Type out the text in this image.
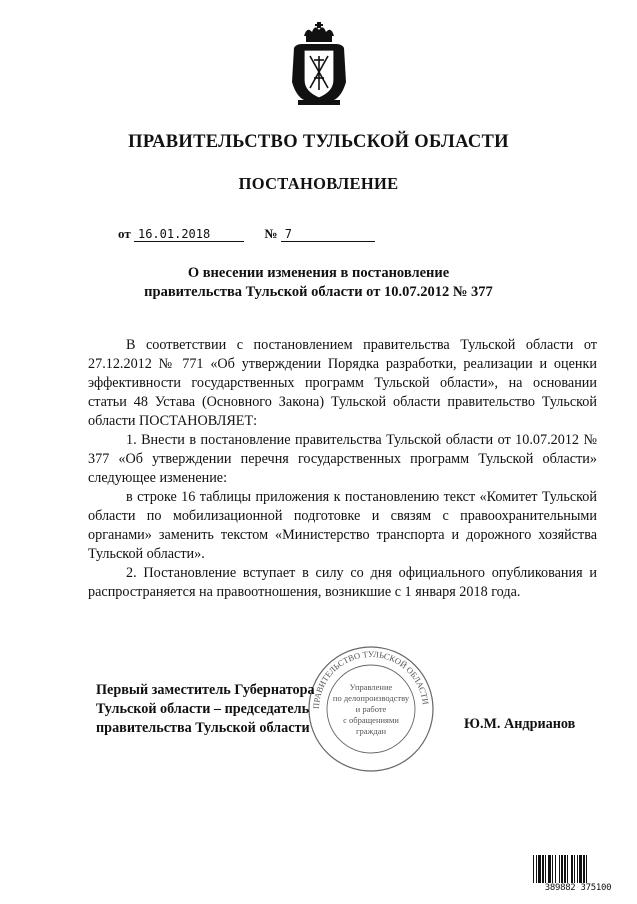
ПРАВИТЕЛЬСТВО ТУЛЬСКОЙ ОБЛАСТИ
ПОСТАНОВЛЕНИЕ
от 16.01.2018	№ 7
О внесении изменения в постановление
правительства Тульской области от 10.07.2012 № 377

В соответствии с постановлением правительства Тульской области от 27.12.2012 № 771 «Об утверждении Порядка разработки, реализации и оценки эффективности государственных программ Тульской области», на основании статьи 48 Устава (Основного Закона) Тульской области правительство Тульской области ПОСТАНОВЛЯЕТ:

1. Внести в постановление правительства Тульской области от 10.07.2012 № 377 «Об утверждении перечня государственных программ Тульской области» следующее изменение:

в строке 16 таблицы приложения к постановлению текст «Комитет Тульской области по мобилизационной подготовке и связям с правоохранительными органами» заменить текстом «Министерство транспорта и дорожного хозяйства Тульской области».

2. Постановление вступает в силу со дня официального опубликования и распространяется на правоотношения, возникшие с 1 января 2018 года.

ПРАВИТЕЛЬСТВО ТУЛЬСКОЙ ОБЛАСТИ
Управление
по делопроизводству
и работе
с обращениями
граждан
Первый заместитель Губернатора
Тульской области – председатель
правительства Тульской области	Ю.М. Андрианов
389882 375100
